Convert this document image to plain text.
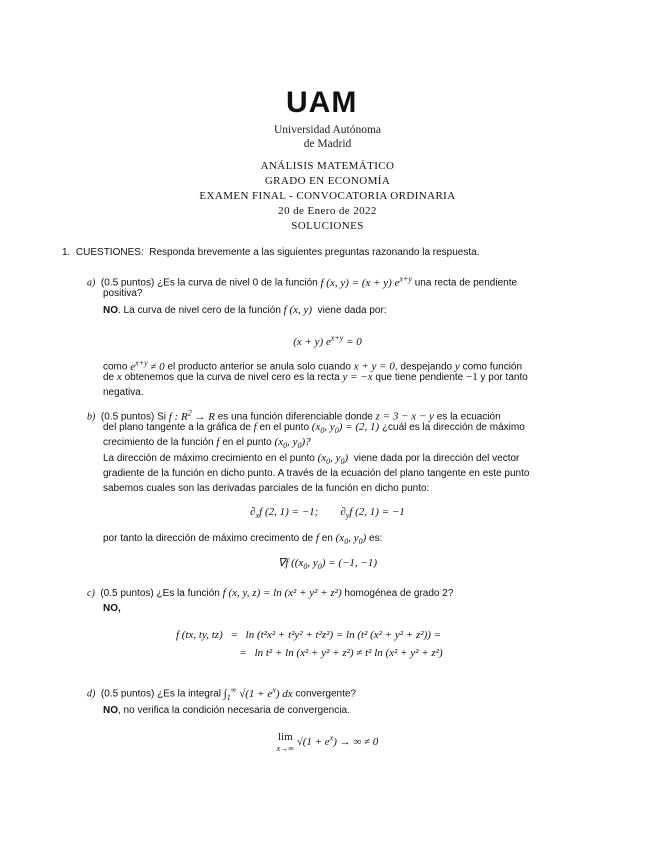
UAM
Universidad Autónoma
de Madrid
ANÁLISIS MATEMÁTICO
GRADO EN ECONOMÍA
EXAMEN FINAL - CONVOCATORIA ORDINARIA
20 de Enero de 2022
SOLUCIONES
1. CUESTIONES: Responda brevemente a las siguientes preguntas razonando la respuesta.
a) (0.5 puntos) ¿Es la curva de nivel 0 de la función f (x, y) = (x + y) $e^{x+y}$ una recta de pendiente
positiva?
NO. La curva de nivel cero de la función f (x, y) viene dada por:
(x + y) $e^{x+y} = 0$
como $e^{x+y} \ne 0$ el producto anterior se anula solo cuando x + y = 0, despejando y como función
de x obtenemos que la curva de nivel cero es la recta y = −x que tiene pendiente −1 y por tanto
negativa.
b) (0.5 puntos) Si f : $R^2 \to R$ es una función diferenciable donde z = 3 − x − y es la ecuación
del plano tangente a la gráfica de f en el punto ($x_0$, $y_0) = (2$, 1) ¿cuál es la dirección de máximo
crecimiento de la función f en el punto ($x_0$, $y_0$)?
La dirección de máximo crecimiento en el punto ($x_0$, $y_0$) viene dada por la dirección del vector
gradiente de la función en dicho punto. A través de la ecuación del plano tangente en este punto
sabemos cuales son las derivadas parciales de la función en dicho punto:
$\partial_xf$ (2, 1) = −1; $\partial_yf$ (2, 1) = −1
por tanto la dirección de máximo crecimento de f en ($x_0$, $y_0$) es:
∇f (($x_0$, $y_0) = (-1$, −1)
c) (0.5 puntos) ¿Es la función f (x, y, z) = ln (x² + y² + z²) homogénea de grado 2?
NO,
f (tx, ty, tz) = ln (t²x² + t²y² + t²z²) = ln (t² (x² + y² + z²)) =
= ln t² + ln (x² + y² + z²) ≠ t² ln (x² + y² + z²)
d) (0.5 puntos) ¿Es la integral $\int_1^\infty$ $√(1 + e^x)$ dx convergente?
NO, no verifica la condición necesaria de convergencia.
lim
x→∞
$√(1 + e^x)$ → ∞ ≠ 0
